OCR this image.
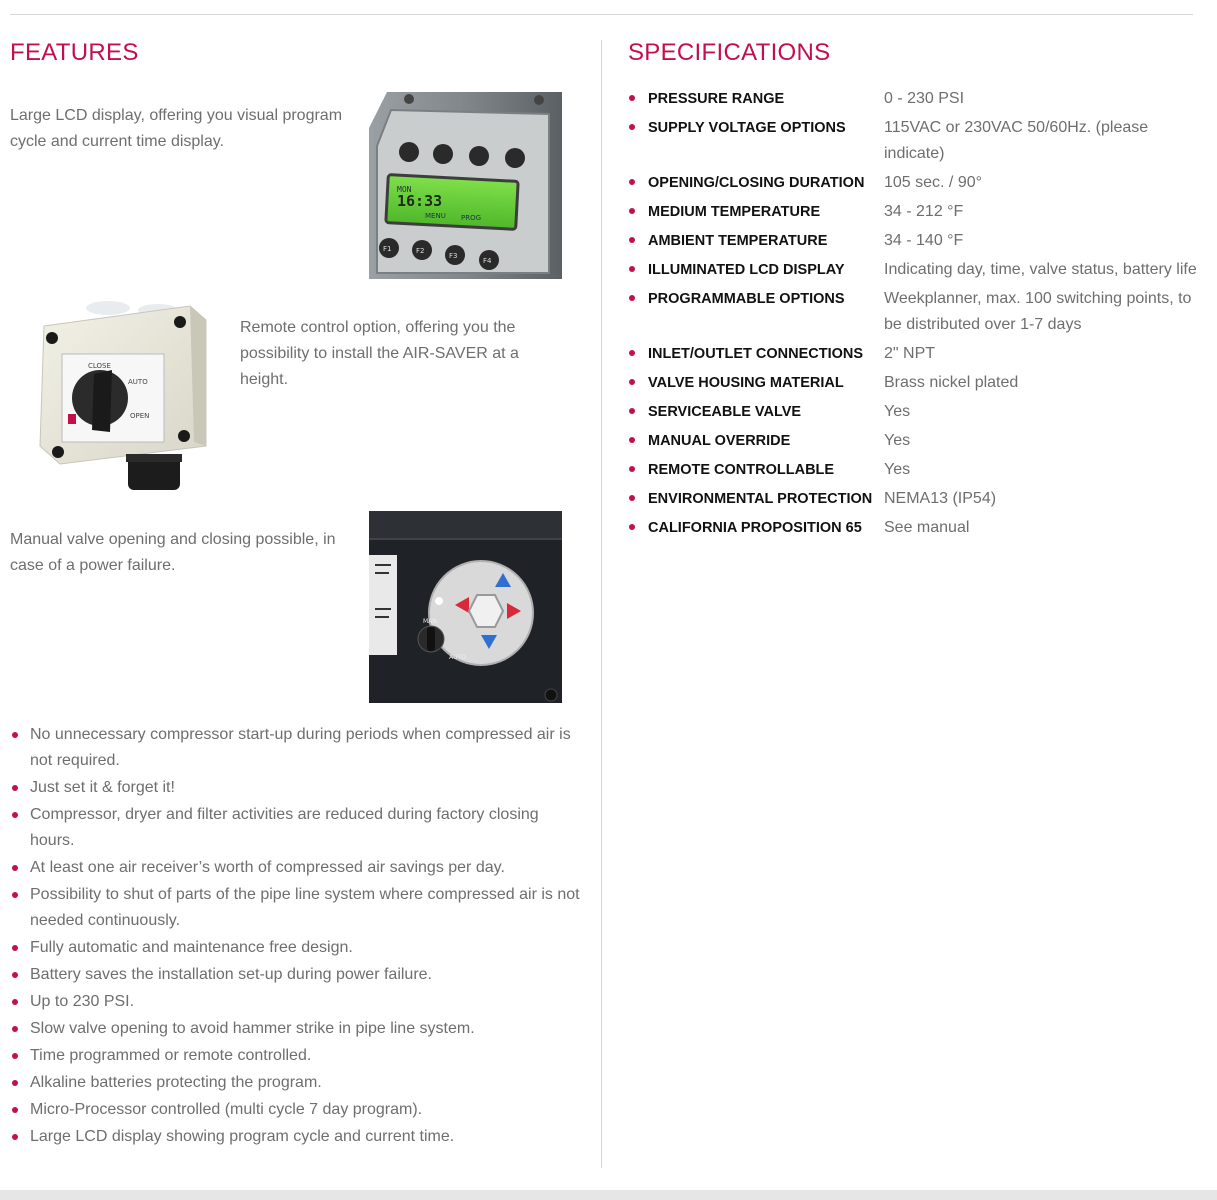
FEATURES

Large LCD display, offering you visual program cycle and current time display.

MON
16:33
MENU PROG
F1	F2
F3
F4
CLOSE
AUTO
OPEN

Remote control option, offering you the possibility to install the AIR-SAVER at a height.

Manual valve opening and closing possible, in case of a power failure.

MAN
AUTO
No unnecessary compressor start-up during periods when compressed air is not required.
Just set it & forget it!
Compressor, dryer and filter activities are reduced during factory closing hours.
At least one air receiver’s worth of compressed air savings per day.
Possibility to shut of parts of the pipe line system where compressed air is not needed continuously.
Fully automatic and maintenance free design.
Battery saves the installation set-up during power failure.
Up to 230 PSI.
Slow valve opening to avoid hammer strike in pipe line system.
Time programmed or remote controlled.
Alkaline batteries protecting the program.
Micro-Processor controlled (multi cycle 7 day program).
Large LCD display showing program cycle and current time.
SPECIFICATIONS
PRESSURE RANGE	0 - 230 PSI
SUPPLY VOLTAGE OPTIONS	115VAC or 230VAC 50/60Hz. (please indicate)
OPENING/CLOSING DURATION	105 sec. / 90°
MEDIUM TEMPERATURE	34 - 212 °F
AMBIENT TEMPERATURE	34 - 140 °F
ILLUMINATED LCD DISPLAY	Indicating day, time, valve status, battery life
PROGRAMMABLE OPTIONS	Weekplanner, max. 100 switching points, to be distributed over 1-7 days
INLET/OUTLET CONNECTIONS	2" NPT
VALVE HOUSING MATERIAL	Brass nickel plated
SERVICEABLE VALVE	Yes
MANUAL OVERRIDE	Yes
REMOTE CONTROLLABLE	Yes
ENVIRONMENTAL PROTECTION	NEMA13 (IP54)
CALIFORNIA PROPOSITION 65	See manual
